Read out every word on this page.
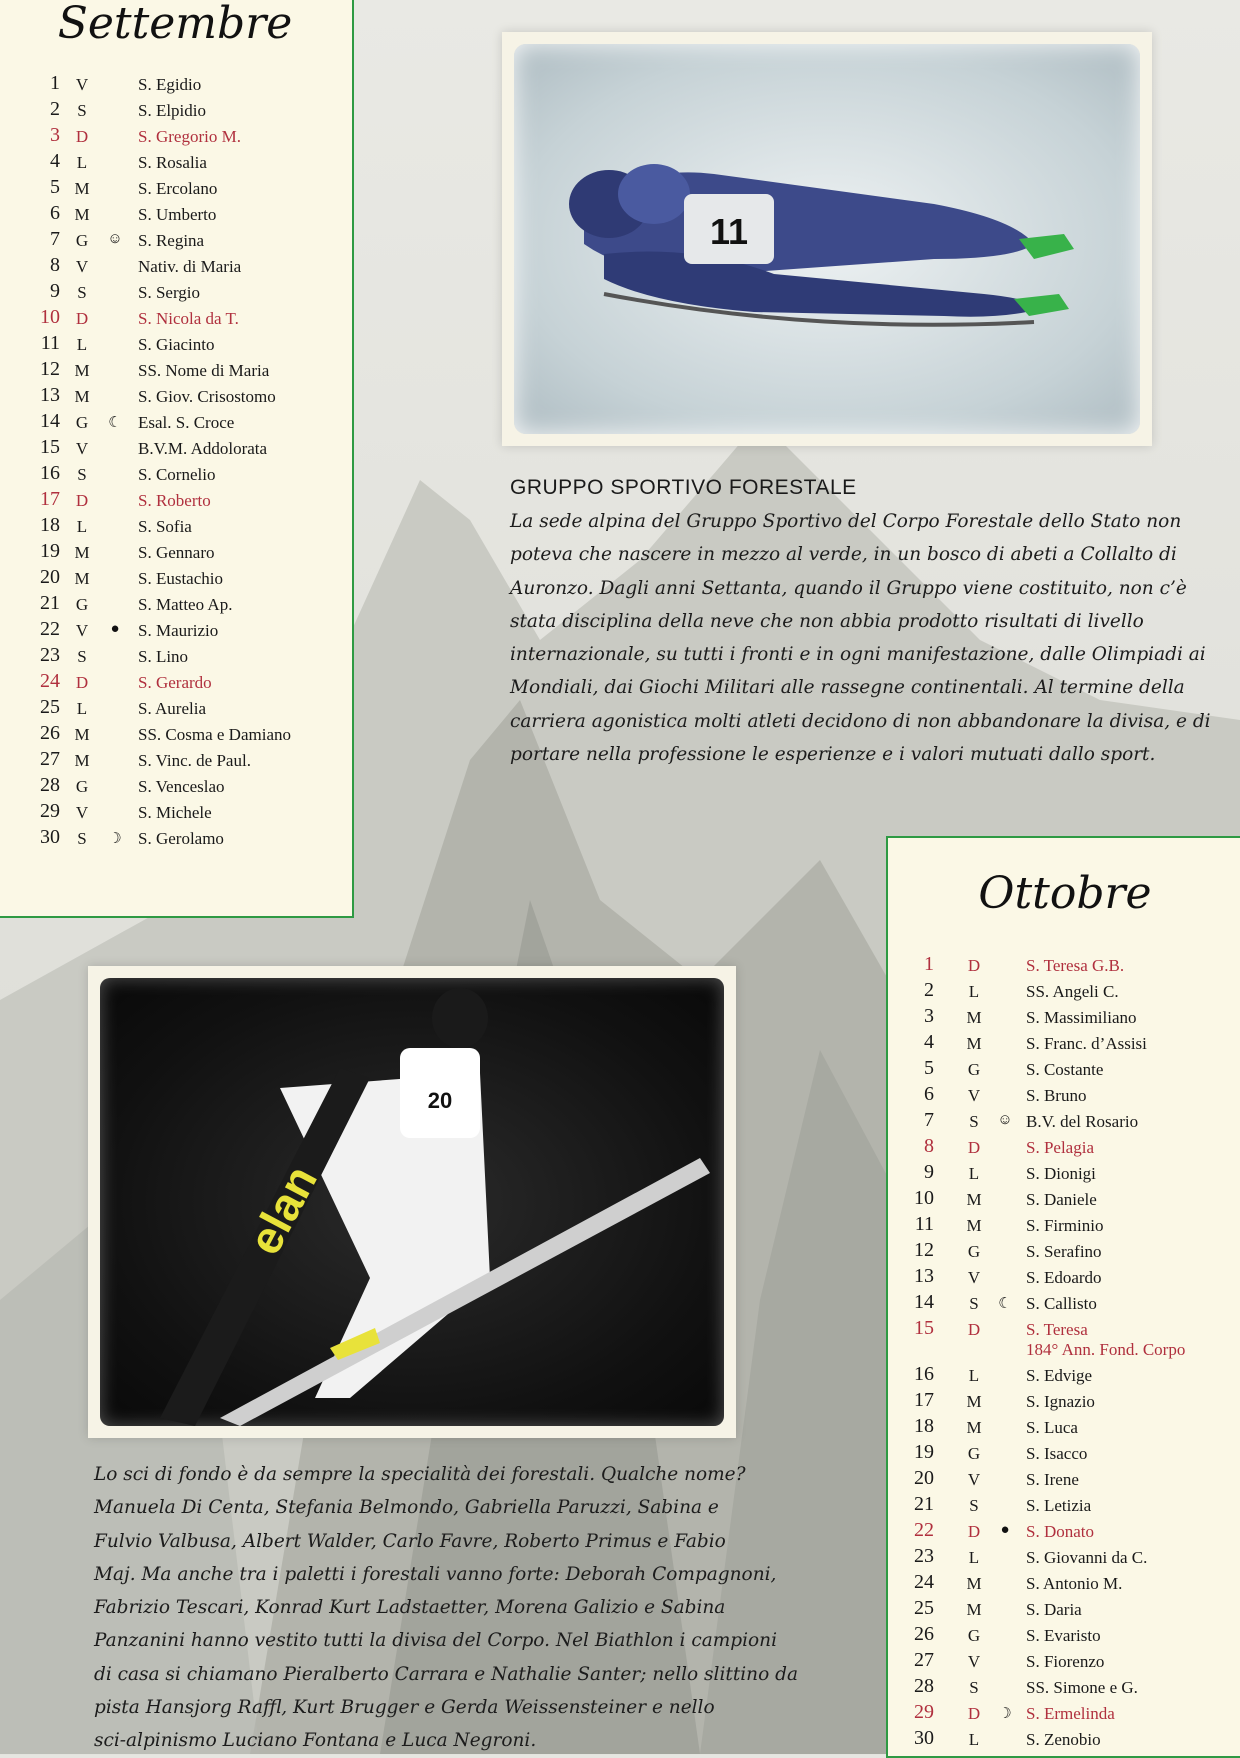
Settembre
1 V	S. Egidio
2	S	S. Elpidio
3 D	S. Gregorio M.
4 L	S. Rosalia
5 M	S. Ercolano
6 M	S. Umberto
7 G	☺ S. Regina
8 V	Nativ. di Maria
9	S	S. Sergio
10 D	S. Nicola da T.
11 L	S. Giacinto
12 M	SS. Nome di Maria
13 M	S. Giov. Crisostomo
14 G	☾ Esal. S. Croce
15 V	B.V.M. Addolorata
16	S	S. Cornelio
17 D	S. Roberto
18 L	S. Sofia
19 M	S. Gennaro
20 M	S. Eustachio
21 G	S. Matteo Ap.
22 V	● S. Maurizio
23	S	S. Lino
24 D	S. Gerardo
25 L	S. Aurelia
26 M	SS. Cosma e Damiano
27 M	S. Vinc. de Paul.
28 G	S. Venceslao
29 V	S. Michele
30	S	☽ S. Gerolamo
Ottobre
1	D	S. Teresa G.B.
2	L	SS. Angeli C.
3 M	S. Massimiliano
4 M	S. Franc. d’Assisi
5	G	S. Costante
6	V	S. Bruno
7	S	☺ B.V. del Rosario
8	D	S. Pelagia
9	L	S. Dionigi
10 M	S. Daniele
11 M	S. Firminio
12	G	S. Serafino
13	V	S. Edoardo
14	S	☾ S. Callisto
15	D	S. Teresa
184° Ann. Fond. Corpo
16	L	S. Edvige
17 M	S. Ignazio
18 M	S. Luca
19	G	S. Isacco
20	V	S. Irene
21	S	S. Letizia
22	D	● S. Donato
23	L	S. Giovanni da C.
24 M	S. Antonio M.
25 M	S. Daria
26	G	S. Evaristo
27	V	S. Fiorenzo
28	S	SS. Simone e G.
29	D	☽ S. Ermelinda
30	L	S. Zenobio
11
GRUPPO SPORTIVO FORESTALE
La sede alpina del Gruppo Sportivo del Corpo Forestale dello Stato non
poteva che nascere in mezzo al verde, in un bosco di abeti a Collalto di
Auronzo. Dagli anni Settanta, quando il Gruppo viene costituito, non c’è
stata disciplina della neve che non abbia prodotto risultati di livello
internazionale, su tutti i fronti e in ogni manifestazione, dalle Olimpiadi ai
Mondiali, dai Giochi Militari alle rassegne continentali. Al termine della
carriera agonistica molti atleti decidono di non abbandonare la divisa, e di
portare nella professione le esperienze e i valori mutuati dallo sport.
20
elan
Lo sci di fondo è da sempre la specialità dei forestali. Qualche nome?
Manuela Di Centa, Stefania Belmondo, Gabriella Paruzzi, Sabina e
Fulvio Valbusa, Albert Walder, Carlo Favre, Roberto Primus e Fabio
Maj. Ma anche tra i paletti i forestali vanno forte: Deborah Compagnoni,
Fabrizio Tescari, Konrad Kurt Ladstaetter, Morena Galizio e Sabina
Panzanini hanno vestito tutti la divisa del Corpo. Nel Biathlon i campioni
di casa si chiamano Pieralberto Carrara e Nathalie Santer; nello slittino da
pista Hansjorg Raffl, Kurt Brugger e Gerda Weissensteiner e nello
sci-alpinismo Luciano Fontana e Luca Negroni.
